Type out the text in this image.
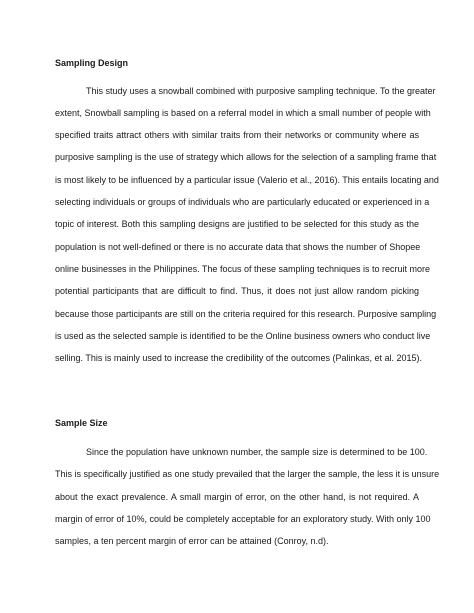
Sampling Design
This study uses a snowball combined with purposive sampling technique. To the greater
extent, Snowball sampling is based on a referral model in which a small number of people with
specified traits attract others with similar traits from their networks or community where as
purposive sampling is the use of strategy which allows for the selection of a sampling frame that
is most likely to be influenced by a particular issue (Valerio et al., 2016). This entails locating and
selecting individuals or groups of individuals who are particularly educated or experienced in a
topic of interest. Both this sampling designs are justified to be selected for this study as the
population is not well-defined or there is no accurate data that shows the number of Shopee
online businesses in the Philippines. The focus of these sampling techniques is to recruit more
potential participants that are difficult to find. Thus, it does not just allow random picking
because those participants are still on the criteria required for this research. Purposive sampling
is used as the selected sample is identified to be the Online business owners who conduct live
selling. This is mainly used to increase the credibility of the outcomes (Palinkas, et al. 2015).
Sample Size
Since the population have unknown number, the sample size is determined to be 100.
This is specifically justified as one study prevailed that the larger the sample, the less it is unsure
about the exact prevalence. A small margin of error, on the other hand, is not required. A
margin of error of 10%, could be completely acceptable for an exploratory study. With only 100
samples, a ten percent margin of error can be attained (Conroy, n.d).
